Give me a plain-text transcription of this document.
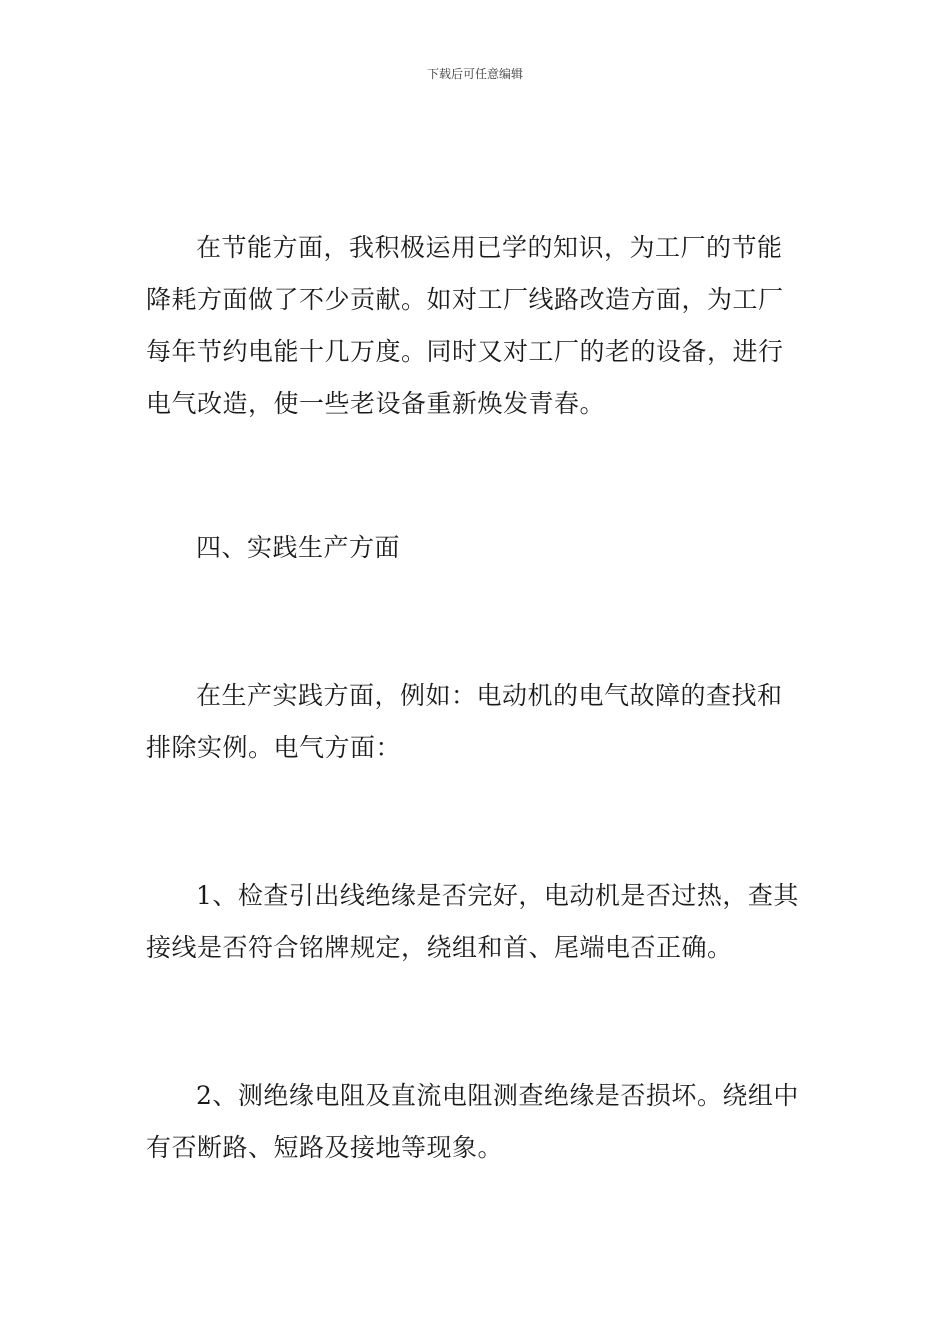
下载后可任意编辑

在节能方面，我积极运用已学的知识，为工厂的节能降耗方面做了不少贡献。如对工厂线路改造方面，为工厂每年节约电能十几万度。同时又对工厂的老的设备，进行电气改造，使一些老设备重新焕发青春。

四、实践生产方面

在生产实践方面，例如：电动机的电气故障的查找和排除实例。电气方面：

1、检查引出线绝缘是否完好，电动机是否过热，查其接线是否符合铭牌规定，绕组和首、尾端电否正确。

2、测绝缘电阻及直流电阻测查绝缘是否损坏。绕组中有否断路、短路及接地等现象。
